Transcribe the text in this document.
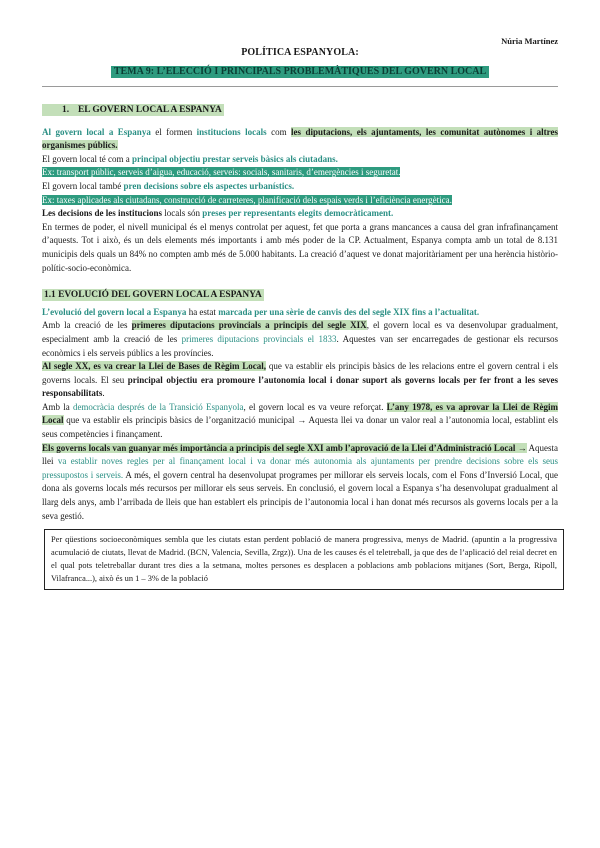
Núria Martínez
POLÍTICA ESPANYOLA:
TEMA 9: L’ELECCIÓ I PRINCIPALS PROBLEMÀTIQUES DEL GOVERN LOCAL

1. EL GOVERN LOCAL A ESPANYA

Al govern local a Espanya el formen institucions locals com les diputacions, els ajuntaments, les comunitat autònomes i altres organismes públics.

El govern local té com a principal objectiu prestar serveis bàsics als ciutadans.

Ex: transport públic, serveis d’aigua, educació, serveis: socials, sanitaris, d’emergències i seguretat.

El govern local també pren decisions sobre els aspectes urbanístics.

Ex: taxes aplicades als ciutadans, construcció de carreteres, planificació dels espais verds i l’eficiència energètica.

Les decisions de les institucions locals són preses per representants elegits democràticament.

En termes de poder, el nivell municipal és el menys controlat per aquest, fet que porta a grans mancances a causa del gran infrafinançament d’aquests. Tot i això, és un dels elements més importants i amb més poder de la CP. Actualment, Espanya compta amb un total de 8.131 municipis dels quals un 84% no compten amb més de 5.000 habitants. La creació d’aquest ve donat majoritàriament per una herència històrio-polític-socio-econòmica.

1.1 EVOLUCIÓ DEL GOVERN LOCAL A ESPANYA

L’evolució del govern local a Espanya ha estat marcada per una sèrie de canvis des del segle XIX fins a l’actualitat.

Amb la creació de les primeres diputacions provincials a principis del segle XIX, el govern local es va desenvolupar gradualment, especialment amb la creació de les primeres diputacions provincials el 1833. Aquestes van ser encarregades de gestionar els recursos econòmics i els serveis públics a les províncies.

Al segle XX, es va crear la Llei de Bases de Règim Local, que va establir els principis bàsics de les relacions entre el govern central i els governs locals. El seu principal objectiu era promoure l’autonomia local i donar suport als governs locals per fer front a les seves responsabilitats.

Amb la democràcia després de la Transició Espanyola, el govern local es va veure reforçat. L’any 1978, es va aprovar la Llei de Règim Local que va establir els principis bàsics de l’organització municipal → Aquesta llei va donar un valor real a l’autonomia local, establint els seus competències i finançament.

Els governs locals van guanyar més importància a principis del segle XXI amb l’aprovació de la Llei d’Administració Local → Aquesta llei va establir noves regles per al finançament local i va donar més autonomia als ajuntaments per prendre decisions sobre els seus pressupostos i serveis. A més, el govern central ha desenvolupat programes per millorar els serveis locals, com el Fons d’Inversió Local, que dona als governs locals més recursos per millorar els seus serveis. En conclusió, el govern local a Espanya s’ha desenvolupat gradualment al llarg dels anys, amb l’arribada de lleis que han establert els principis de l’autonomia local i han donat més recursos als governs locals per a la seva gestió.

Per qüestions socioeconòmiques sembla que les ciutats estan perdent població de manera progressiva, menys de Madrid. (apuntin a la progressiva acumulació de ciutats, llevat de Madrid. (BCN, Valencia, Sevilla, Zrgz)). Una de les causes és el teletreball, ja que des de l’aplicació del reial decret en el qual pots teletreballar durant tres dies a la setmana, moltes persones es desplacen a poblacions amb poblacions mitjanes (Sort, Berga, Ripoll, Vilafranca...), això és un 1 – 3% de la població
